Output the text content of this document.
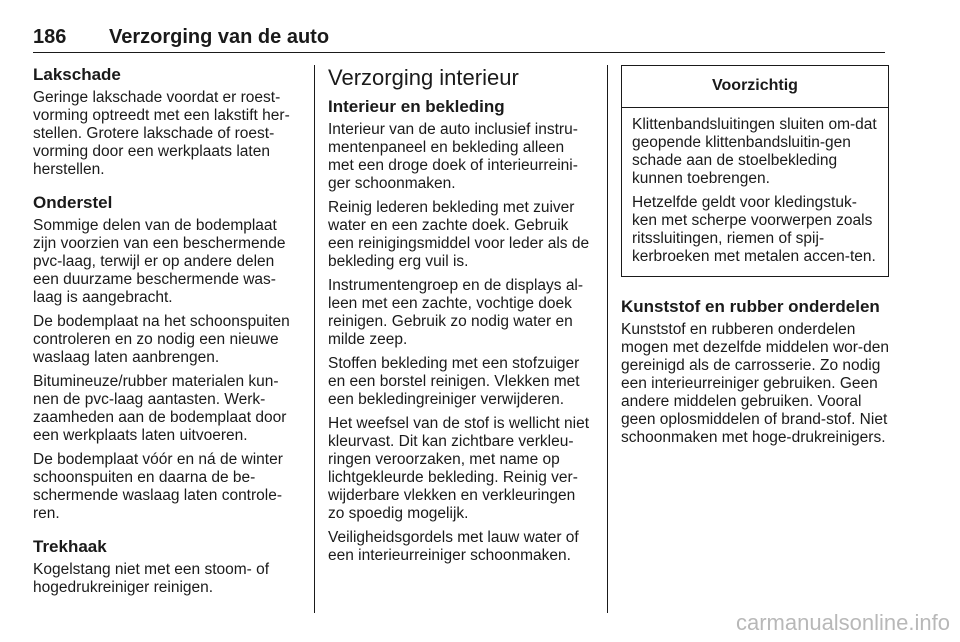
186 Verzorging van de auto
Lakschade

Geringe lakschade voordat er roest-vorming optreedt met een lakstift her-stellen. Grotere lakschade of roest-vorming door een werkplaats laten herstellen.

Onderstel

Sommige delen van de bodemplaat zijn voorzien van een beschermende pvc-laag, terwijl er op andere delen een duurzame beschermende was-laag is aangebracht.

De bodemplaat na het schoonspuiten controleren en zo nodig een nieuwe waslaag laten aanbrengen.

Bitumineuze/rubber materialen kun-nen de pvc-laag aantasten. Werk-zaamheden aan de bodemplaat door een werkplaats laten uitvoeren.

De bodemplaat vóór en ná de winter schoonspuiten en daarna de be-schermende waslaag laten controle-ren.

Trekhaak

Kogelstang niet met een stoom- of hogedrukreiniger reinigen.

Verzorging interieur
Interieur en bekleding

Interieur van de auto inclusief instru-mentenpaneel en bekleding alleen met een droge doek of interieurreini-ger schoonmaken.

Reinig lederen bekleding met zuiver water en een zachte doek. Gebruik een reinigingsmiddel voor leder als de bekleding erg vuil is.

Instrumentengroep en de displays al-leen met een zachte, vochtige doek reinigen. Gebruik zo nodig water en milde zeep.

Stoffen bekleding met een stofzuiger en een borstel reinigen. Vlekken met een bekledingreiniger verwijderen.

Het weefsel van de stof is wellicht niet kleurvast. Dit kan zichtbare verkleu-ringen veroorzaken, met name op lichtgekleurde bekleding. Reinig ver-wijderbare vlekken en verkleuringen zo spoedig mogelijk.

Veiligheidsgordels met lauw water of een interieurreiniger schoonmaken.

Voorzichtig

Klittenbandsluitingen sluiten om-dat geopende klittenbandsluitin-gen schade aan de stoelbekleding kunnen toebrengen.

Hetzelfde geldt voor kledingstuk-ken met scherpe voorwerpen zoals ritssluitingen, riemen of spij-kerbroeken met metalen accen-ten.

Kunststof en rubber onderdelen

Kunststof en rubberen onderdelen mogen met dezelfde middelen wor-den gereinigd als de carrosserie. Zo nodig een interieurreiniger gebruiken. Geen andere middelen gebruiken. Vooral geen oplosmiddelen of brand-stof. Niet schoonmaken met hoge-drukreinigers.

carmanualsonline.info
